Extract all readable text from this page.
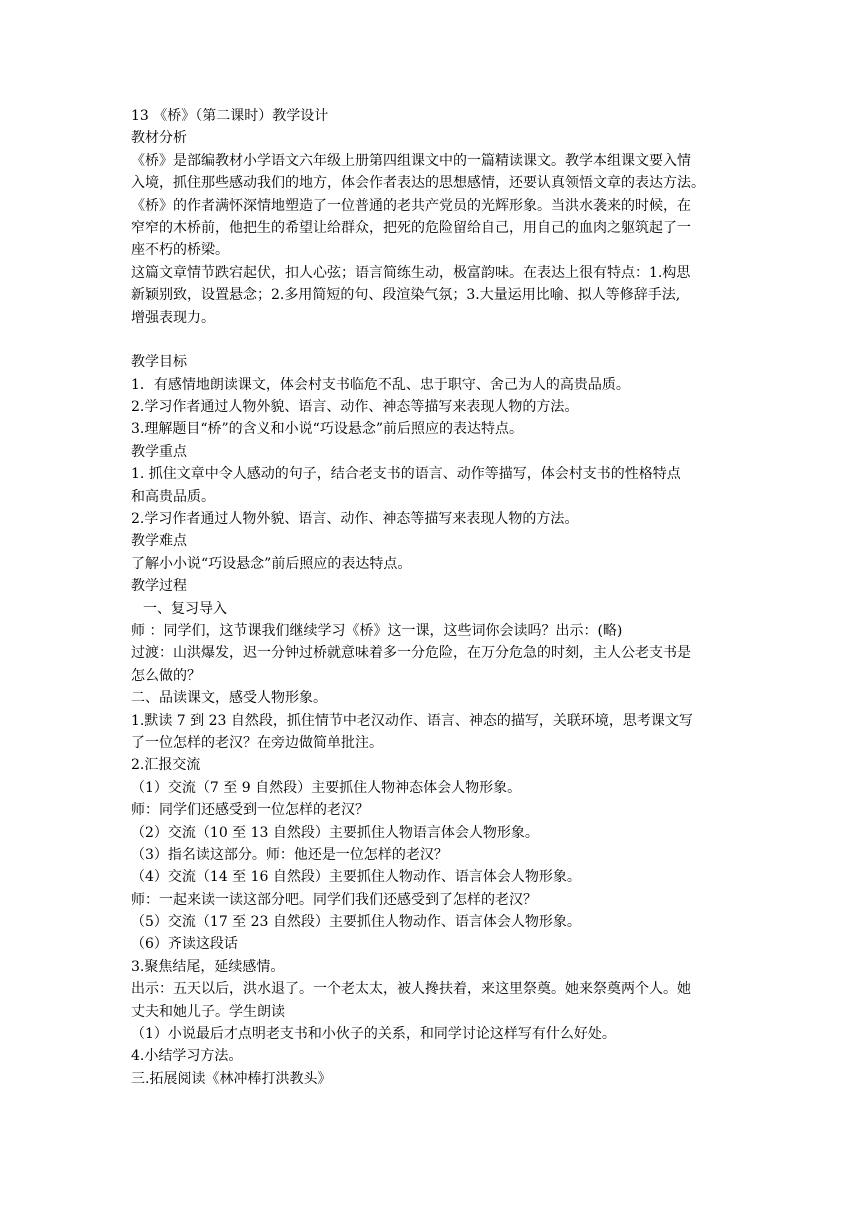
13 《桥》（第二课时）教学设计
教材分析
《桥》是部编教材小学语文六年级上册第四组课文中的一篇精读课文。教学本组课文要入情
入境，抓住那些感动我们的地方，体会作者表达的思想感情，还要认真领悟文章的表达方法。
《桥》的作者满怀深情地塑造了一位普通的老共产党员的光辉形象。当洪水袭来的时候，在
窄窄的木桥前，他把生的希望让给群众，把死的危险留给自己，用自己的血肉之躯筑起了一
座不朽的桥梁。
这篇文章情节跌宕起伏，扣人心弦；语言简练生动，极富韵味。在表达上很有特点：1.构思
新颖别致，设置悬念；2.多用简短的句、段渲染气氛；3.大量运用比喻、拟人等修辞手法,
增强表现力。
教学目标
1．有感情地朗读课文，体会村支书临危不乱、忠于职守、舍己为人的高贵品质。
2.学习作者通过人物外貌、语言、动作、神态等描写来表现人物的方法。
3.理解题目“桥”的含义和小说“巧设悬念”前后照应的表达特点。
教学重点
1. 抓住文章中令人感动的句子，结合老支书的语言、动作等描写，体会村支书的性格特点
和高贵品质。
2.学习作者通过人物外貌、语言、动作、神态等描写来表现人物的方法。
教学难点
了解小小说“巧设悬念”前后照应的表达特点。
教学过程
一、复习导入
师 ：同学们，这节课我们继续学习《桥》这一课，这些词你会读吗？出示：(略)
过渡：山洪爆发，迟一分钟过桥就意味着多一分危险，在万分危急的时刻，主人公老支书是
怎么做的？
二、品读课文，感受人物形象。
1.默读 7 到 23 自然段，抓住情节中老汉动作、语言、神态的描写，关联环境，思考课文写
了一位怎样的老汉？在旁边做简单批注。
2.汇报交流
（1）交流（7 至 9 自然段）主要抓住人物神态体会人物形象。
师：同学们还感受到一位怎样的老汉？
（2）交流（10 至 13 自然段）主要抓住人物语言体会人物形象。
（3）指名读这部分。师：他还是一位怎样的老汉？
（4）交流（14 至 16 自然段）主要抓住人物动作、语言体会人物形象。
师：一起来读一读这部分吧。同学们我们还感受到了怎样的老汉？
（5）交流（17 至 23 自然段）主要抓住人物动作、语言体会人物形象。
（6）齐读这段话
3.聚焦结尾，延续感情。
出示：五天以后，洪水退了。一个老太太，被人搀扶着，来这里祭奠。她来祭奠两个人。她
丈夫和她儿子。学生朗读
（1）小说最后才点明老支书和小伙子的关系，和同学讨论这样写有什么好处。
4.小结学习方法。
三.拓展阅读《林冲棒打洪教头》
